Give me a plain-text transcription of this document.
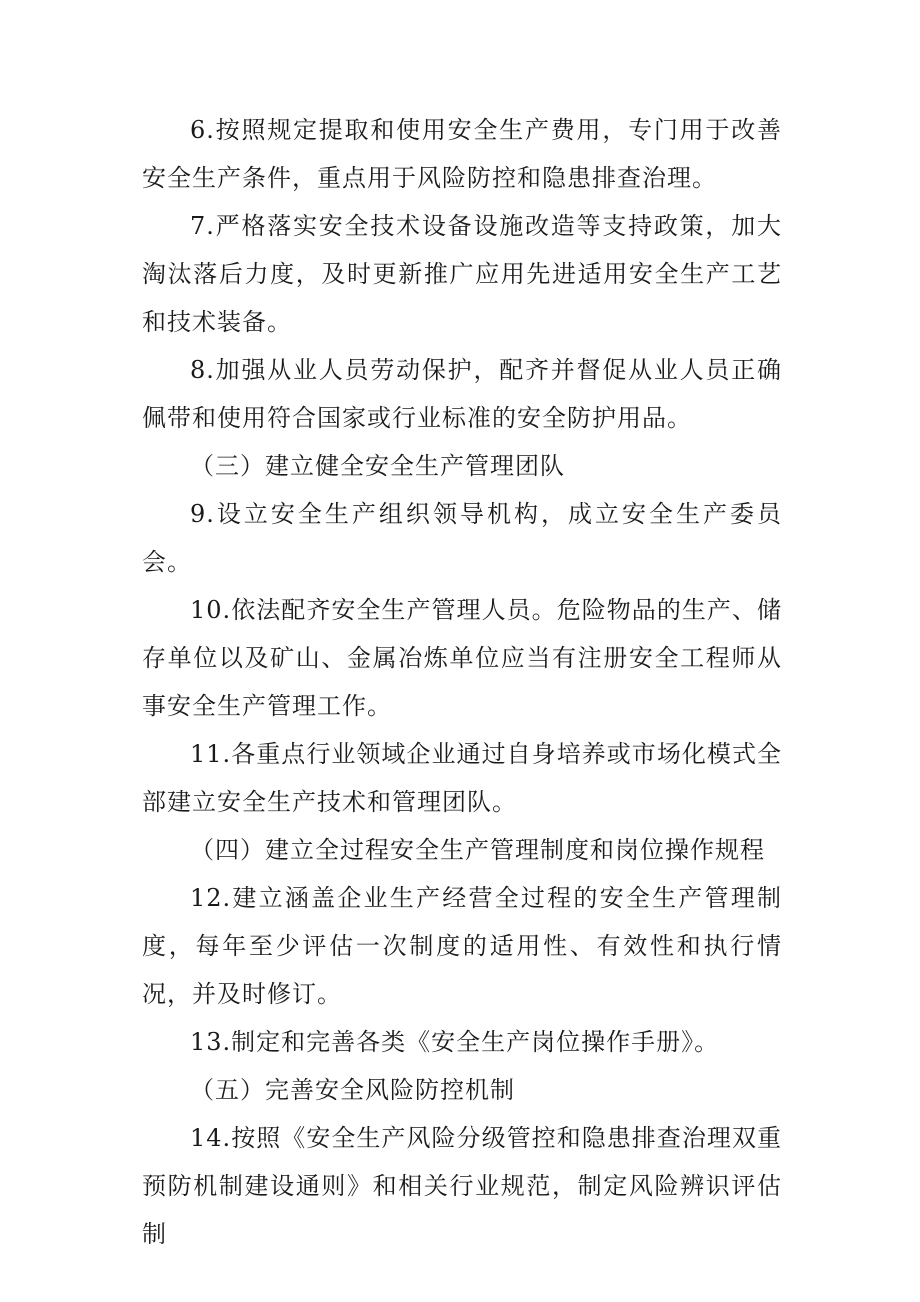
6.按照规定提取和使用安全生产费用，专门用于改善安全生产条件，重点用于风险防控和隐患排查治理。

7.严格落实安全技术设备设施改造等支持政策，加大淘汰落后力度，及时更新推广应用先进适用安全生产工艺和技术装备。

8.加强从业人员劳动保护，配齐并督促从业人员正确佩带和使用符合国家或行业标准的安全防护用品。

（三）建立健全安全生产管理团队

9.设立安全生产组织领导机构，成立安全生产委员会。

10.依法配齐安全生产管理人员。危险物品的生产、储存单位以及矿山、金属冶炼单位应当有注册安全工程师从事安全生产管理工作。

11.各重点行业领域企业通过自身培养或市场化模式全部建立安全生产技术和管理团队。

（四）建立全过程安全生产管理制度和岗位操作规程

12.建立涵盖企业生产经营全过程的安全生产管理制度，每年至少评估一次制度的适用性、有效性和执行情况，并及时修订。

13.制定和完善各类《安全生产岗位操作手册》。

（五）完善安全风险防控机制

14.按照《安全生产风险分级管控和隐患排查治理双重预防机制建设通则》和相关行业规范，制定风险辨识评估制
